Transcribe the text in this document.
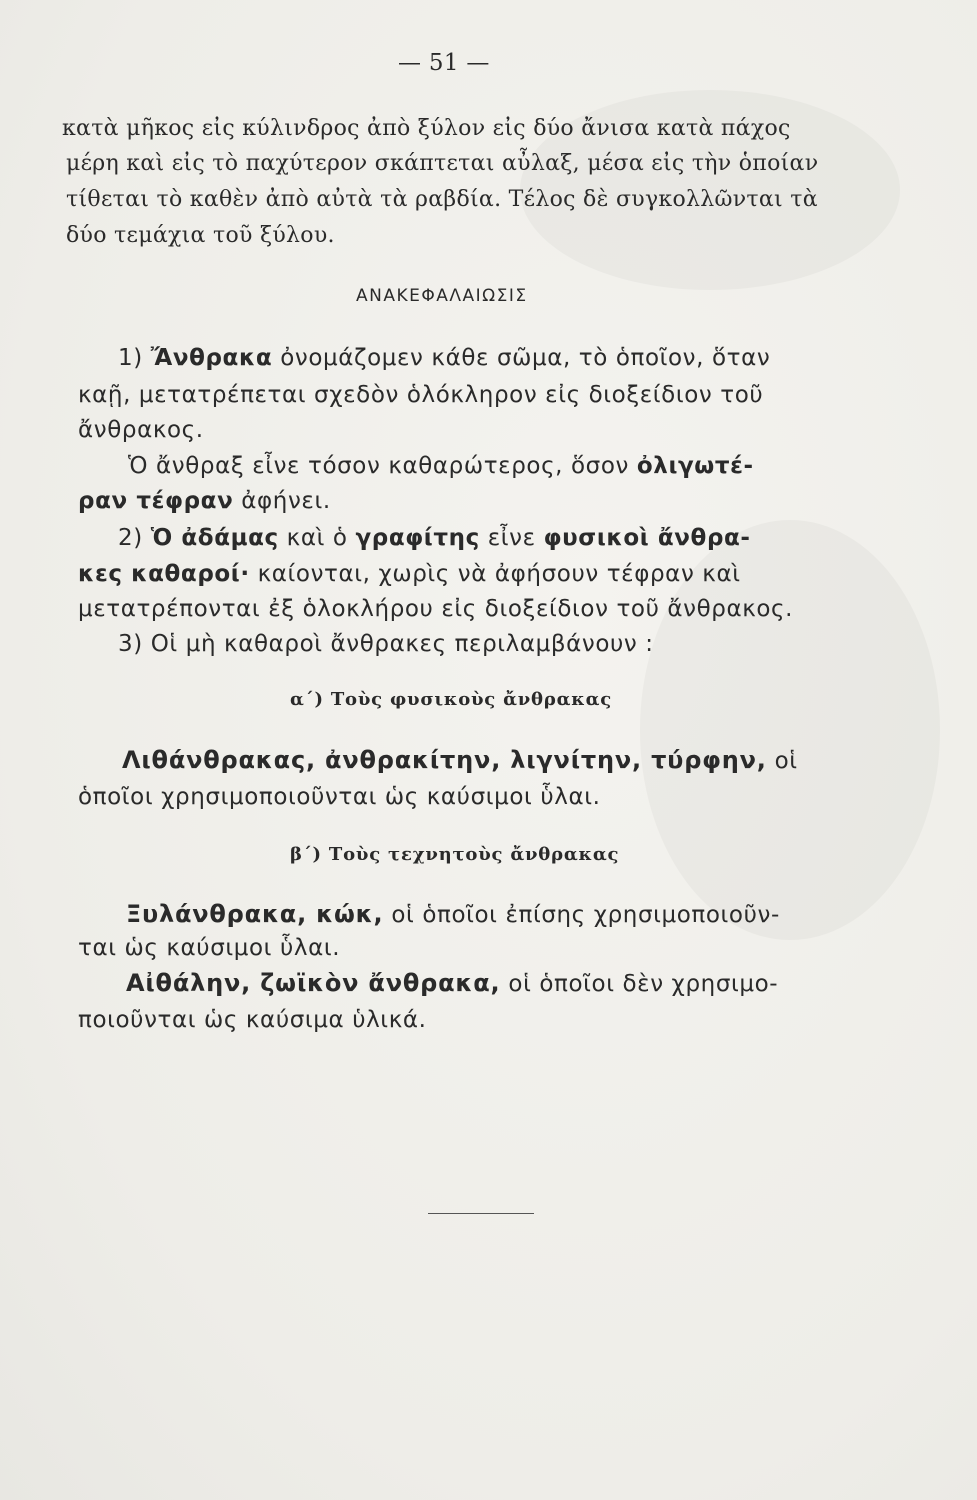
— 51 —
κατὰ μῆκος εἰς κύλινδρος ἀπὸ ξύλον εἰς δύο ἄνισα κατὰ πάχος
μέρη καὶ εἰς τὸ παχύτερον σκάπτεται αὖλαξ, μέσα εἰς τὴν ὁποίαν
τίθεται τὸ καθὲν ἀπὸ αὐτὰ τὰ ραβδία. Τέλος δὲ συγκολλῶνται τὰ
δύο τεμάχια τοῦ ξύλου.
ΑΝΑΚΕΦΑΛΑΙΩΣΙΣ
1) Ἄνθρακα ὀνομάζομεν κάθε σῶμα, τὸ ὁποῖον, ὅταν
καῇ, μετατρέπεται σχεδὸν ὁλόκληρον εἰς διοξείδιον τοῦ
ἄνθρακος.
Ὁ ἄνθραξ εἶνε τόσον καθαρώτερος, ὅσον ὀλιγωτέ-
ραν τέφραν ἀφήνει.
2) Ὁ ἀδάμας καὶ ὁ γραφίτης εἶνε φυσικοὶ ἄνθρα-
κες καθαροί· καίονται, χωρὶς νὰ ἀφήσουν τέφραν καὶ
μετατρέπονται ἐξ ὁλοκλήρου εἰς διοξείδιον τοῦ ἄνθρακος.
3) Οἱ μὴ καθαροὶ ἄνθρακες περιλαμβάνουν :
α΄) Τοὺς φυσικοὺς ἄνθρακας
Λιθάνθρακας, ἀνθρακίτην, λιγνίτην, τύρφην, οἱ
ὁποῖοι χρησιμοποιοῦνται ὡς καύσιμοι ὗλαι.
β΄) Τοὺς τεχνητοὺς ἄνθρακας
Ξυλάνθρακα, κώκ, οἱ ὁποῖοι ἐπίσης χρησιμοποιοῦν-
ται ὡς καύσιμοι ὗλαι.
Αἰθάλην, ζωϊκὸν ἄνθρακα, οἱ ὁποῖοι δὲν χρησιμο-
ποιοῦνται ὡς καύσιμα ὑλικά.
